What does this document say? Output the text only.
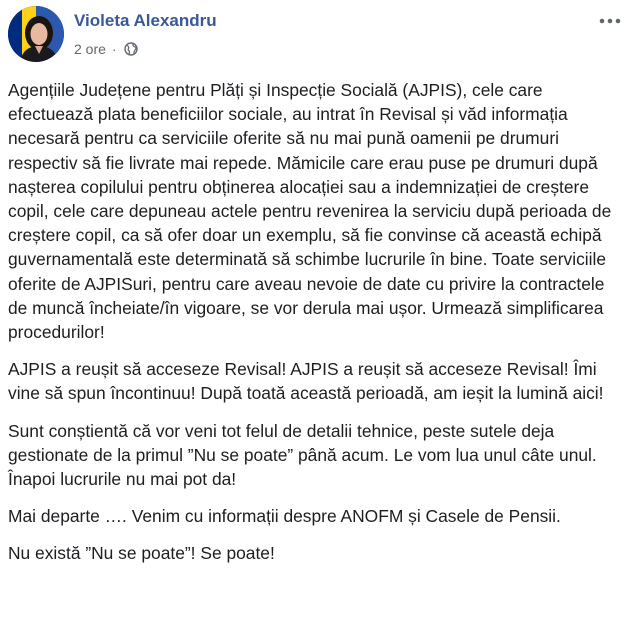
Violeta Alexandru
2 ore ·

Agențiile Județene pentru Plăți și Inspecție Socială (AJPIS), cele care efectuează plata beneficiilor sociale, au intrat în Revisal și văd informația necesară pentru ca serviciile oferite să nu mai pună oamenii pe drumuri respectiv să fie livrate mai repede. Mămicile care erau puse pe drumuri după nașterea copilului pentru obținerea alocației sau a indemnizației de creștere copil, cele care depuneau actele pentru revenirea la serviciu după perioada de creștere copil, ca să ofer doar un exemplu, să fie convinse că această echipă guvernamentală este determinată să schimbe lucrurile în bine. Toate serviciile oferite de AJPISuri, pentru care aveau nevoie de date cu privire la contractele de muncă încheiate/în vigoare, se vor derula mai ușor. Urmează simplificarea procedurilor!

AJPIS a reușit să acceseze Revisal! AJPIS a reușit să acceseze Revisal! Îmi vine să spun încontinuu! După toată această perioadă, am ieșit la lumină aici!

Sunt conștientă că vor veni tot felul de detalii tehnice, peste sutele deja gestionate de la primul ”Nu se poate” până acum. Le vom lua unul câte unul. Înapoi lucrurile nu mai pot da!

Mai departe …. Venim cu informații despre ANOFM și Casele de Pensii.

Nu există ”Nu se poate”! Se poate!
